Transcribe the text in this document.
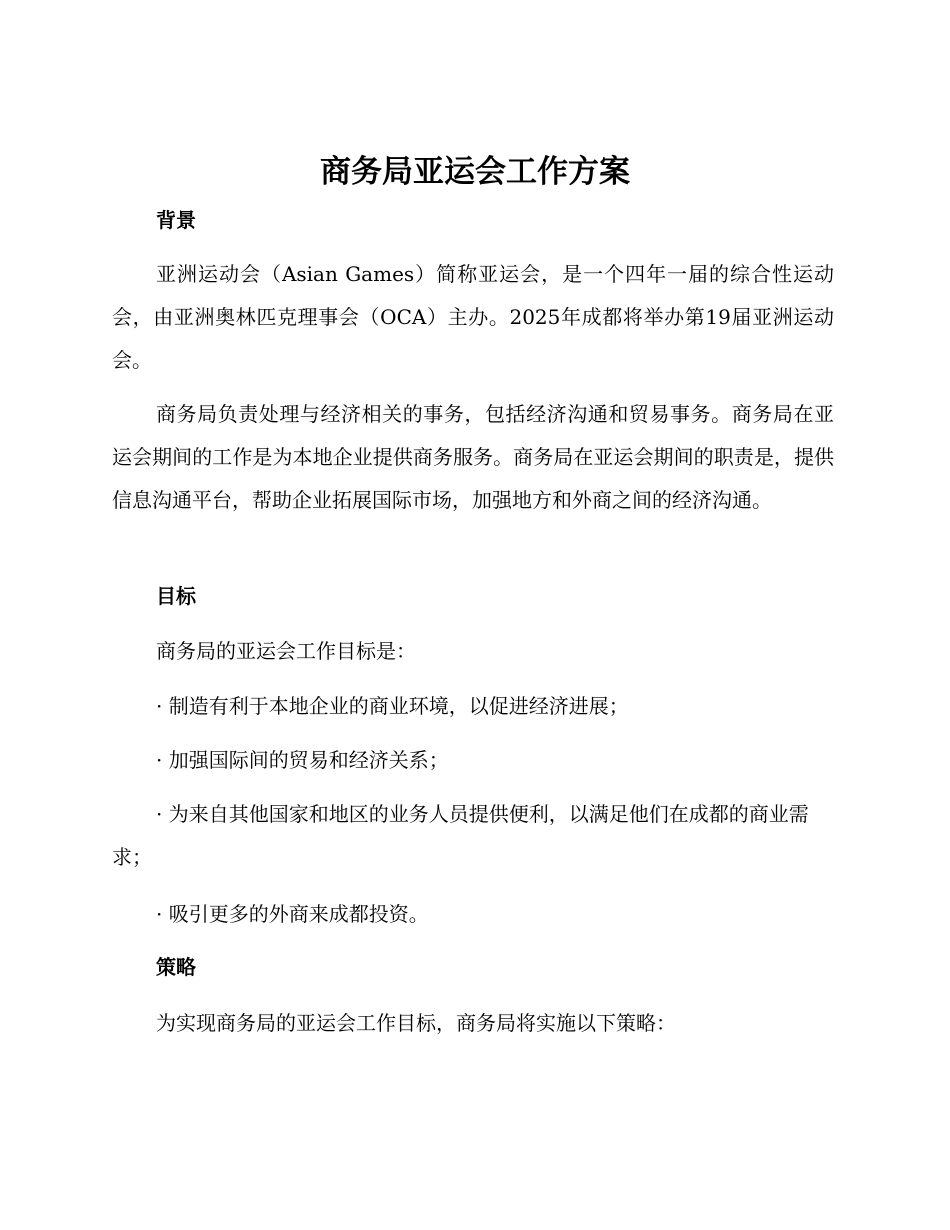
商务局亚运会工作方案
背景
亚洲运动会（Asian Games）简称亚运会，是一个四年一届的综合性运动会，由亚洲奥林匹克理事会（OCA）主办。2025年成都将举办第19届亚洲运动会。
商务局负责处理与经济相关的事务，包括经济沟通和贸易事务。商务局在亚运会期间的工作是为本地企业提供商务服务。商务局在亚运会期间的职责是，提供信息沟通平台，帮助企业拓展国际市场，加强地方和外商之间的经济沟通。
目标
商务局的亚运会工作目标是：
· 制造有利于本地企业的商业环境，以促进经济进展；
· 加强国际间的贸易和经济关系；
· 为来自其他国家和地区的业务人员提供便利，以满足他们在成都的商业需求；
· 吸引更多的外商来成都投资。
策略
为实现商务局的亚运会工作目标，商务局将实施以下策略：
